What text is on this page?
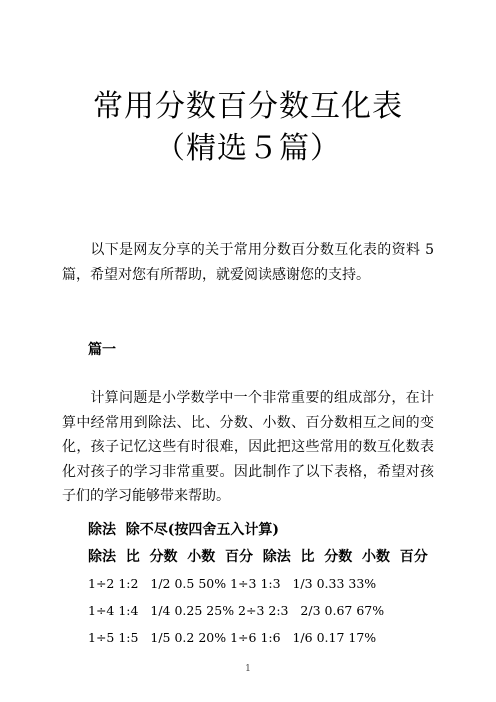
常用分数百分数互化表
（精选５篇）
以下是网友分享的关于常用分数百分数互化表的资料 5篇，希望对您有所帮助，就爱阅读感谢您的支持。
篇一
计算问题是小学数学中一个非常重要的组成部分，在计算中经常用到除法、比、分数、小数、百分数相互之间的变化，孩子记忆这些有时很难，因此把这些常用的数互化数表化对孩子的学习非常重要。因此制作了以下表格，希望对孩子们的学习能够带来帮助。
除法  除不尽(按四舍五入计算)
除法  比  分数  小数  百分  除法  比  分数  小数  百分
1÷2 1:2   1/2 0.5 50% 1÷3 1:3   1/3 0.33 33%
1÷4 1:4   1/4 0.25 25% 2÷3 2:3   2/3 0.67 67%
1÷5 1:5   1/5 0.2 20% 1÷6 1:6   1/6 0.17 17%
1
